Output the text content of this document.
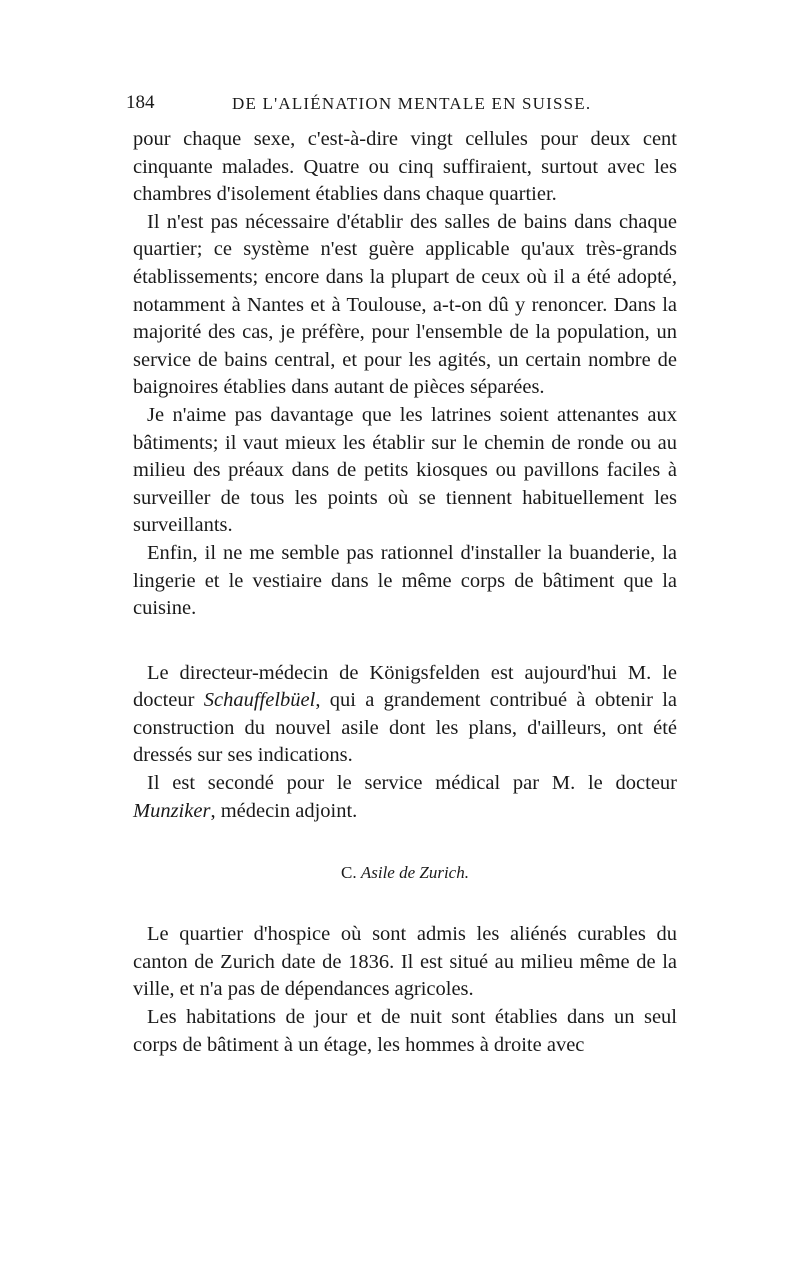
184	DE L'ALIÉNATION MENTALE EN SUISSE.

pour chaque sexe, c'est-à-dire vingt cellules pour deux cent cinquante malades. Quatre ou cinq suffiraient, surtout avec les chambres d'isolement établies dans chaque quartier.

Il n'est pas nécessaire d'établir des salles de bains dans chaque quartier; ce système n'est guère applicable qu'aux très-grands établissements; encore dans la plupart de ceux où il a été adopté, notamment à Nantes et à Toulouse, a-t-on dû y renoncer. Dans la majorité des cas, je préfère, pour l'ensemble de la population, un service de bains central, et pour les agités, un certain nombre de baignoires établies dans autant de pièces séparées.

Je n'aime pas davantage que les latrines soient attenantes aux bâtiments; il vaut mieux les établir sur le chemin de ronde ou au milieu des préaux dans de petits kiosques ou pavillons faciles à surveiller de tous les points où se tiennent habituellement les surveillants.

Enfin, il ne me semble pas rationnel d'installer la buanderie, la lingerie et le vestiaire dans le même corps de bâtiment que la cuisine.

Le directeur-médecin de Königsfelden est aujourd'hui M. le docteur Schauffelbüel, qui a grandement contribué à obtenir la construction du nouvel asile dont les plans, d'ailleurs, ont été dressés sur ses indications.

Il est secondé pour le service médical par M. le docteur Munziker, médecin adjoint.

C. Asile de Zurich.

Le quartier d'hospice où sont admis les aliénés curables du canton de Zurich date de 1836. Il est situé au milieu même de la ville, et n'a pas de dépendances agricoles.

Les habitations de jour et de nuit sont établies dans un seul corps de bâtiment à un étage, les hommes à droite avec
